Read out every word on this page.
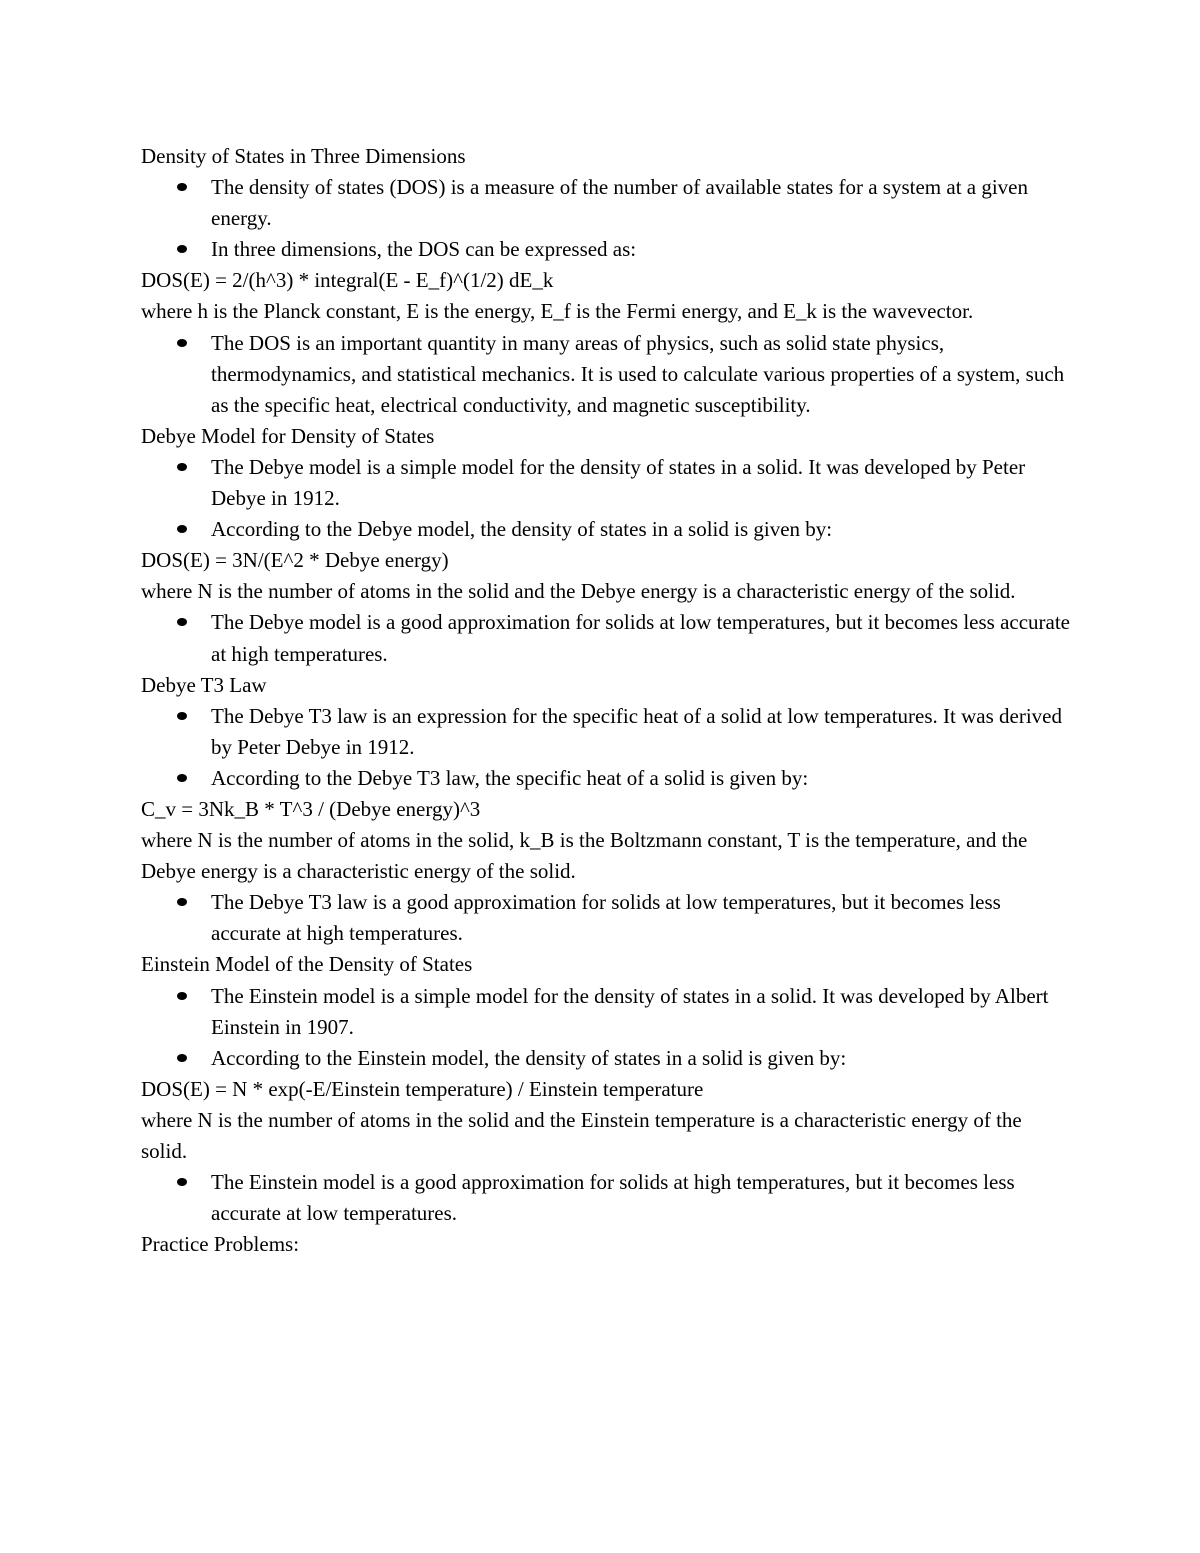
Density of States in Three Dimensions

The density of states (DOS) is a measure of the number of available states for a system at a given energy.
In three dimensions, the DOS can be expressed as:

DOS(E) = 2/(h^3) * integral(E - E_f)^(1/2) dE_k

where h is the Planck constant, E is the energy, E_f is the Fermi energy, and E_k is the wavevector.

The DOS is an important quantity in many areas of physics, such as solid state physics, thermodynamics, and statistical mechanics. It is used to calculate various properties of a system, such as the specific heat, electrical conductivity, and magnetic susceptibility.

Debye Model for Density of States

The Debye model is a simple model for the density of states in a solid. It was developed by Peter Debye in 1912.
According to the Debye model, the density of states in a solid is given by:

DOS(E) = 3N/(E^2 * Debye energy)

where N is the number of atoms in the solid and the Debye energy is a characteristic energy of the solid.

The Debye model is a good approximation for solids at low temperatures, but it becomes less accurate at high temperatures.

Debye T3 Law

The Debye T3 law is an expression for the specific heat of a solid at low temperatures. It was derived by Peter Debye in 1912.
According to the Debye T3 law, the specific heat of a solid is given by:

C_v = 3Nk_B * T^3 / (Debye energy)^3

where N is the number of atoms in the solid, k_B is the Boltzmann constant, T is the temperature, and the Debye energy is a characteristic energy of the solid.

The Debye T3 law is a good approximation for solids at low temperatures, but it becomes less accurate at high temperatures.

Einstein Model of the Density of States

The Einstein model is a simple model for the density of states in a solid. It was developed by Albert Einstein in 1907.
According to the Einstein model, the density of states in a solid is given by:

DOS(E) = N * exp(-E/Einstein temperature) / Einstein temperature

where N is the number of atoms in the solid and the Einstein temperature is a characteristic energy of the solid.

The Einstein model is a good approximation for solids at high temperatures, but it becomes less accurate at low temperatures.

Practice Problems:
